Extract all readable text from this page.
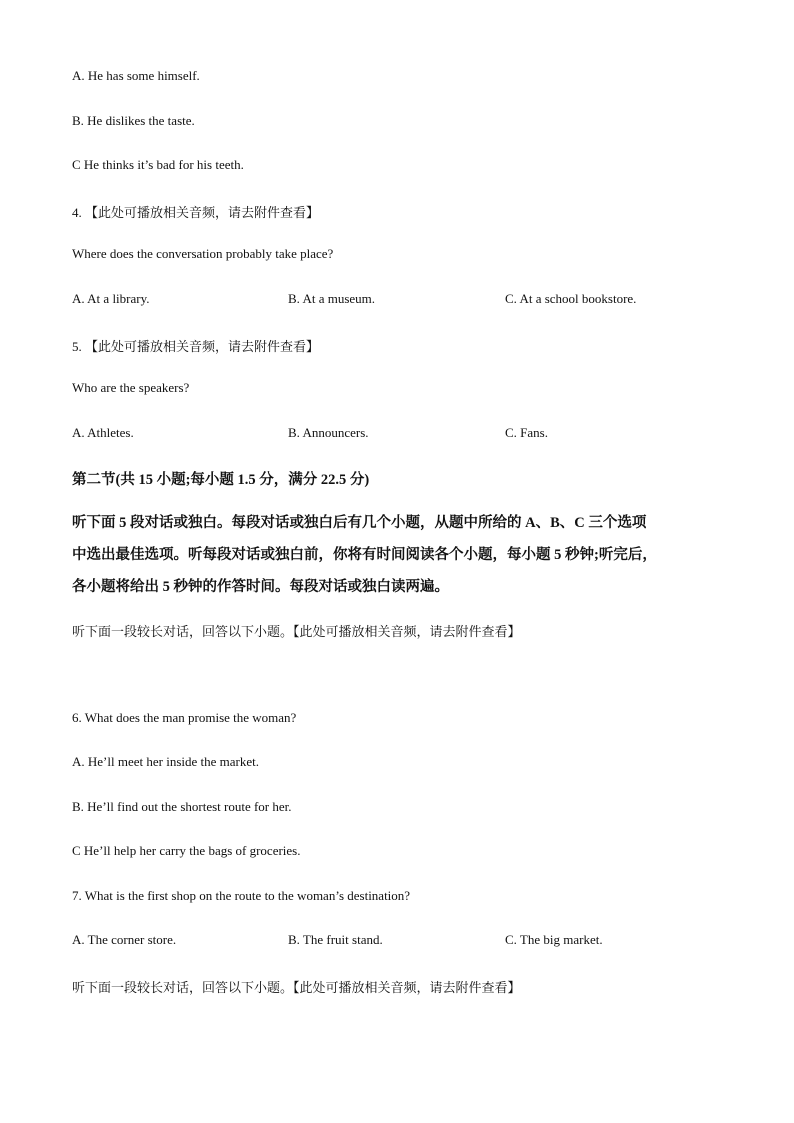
A. He has some himself.
B. He dislikes the taste.
C He thinks it’s bad for his teeth.
4. 【此处可播放相关音频，请去附件查看】
Where does the conversation probably take place?
A. At a library.	B. At a museum.	C. At a school bookstore.
5. 【此处可播放相关音频，请去附件查看】
Who are the speakers?
A. Athletes.	B. Announcers.	C. Fans.
第二节(共 15 小题;每小题 1.5 分，满分 22.5 分)
听下面 5 段对话或独白。每段对话或独白后有几个小题，从题中所给的 A、B、C 三个选项
中选出最佳选项。听每段对话或独白前，你将有时间阅读各个小题，每小题 5 秒钟;听完后，
各小题将给出 5 秒钟的作答时间。每段对话或独白读两遍。
听下面一段较长对话，回答以下小题。【此处可播放相关音频，请去附件查看】
6. What does the man promise the woman?
A. He’ll meet her inside the market.
B. He’ll find out the shortest route for her.
C He’ll help her carry the bags of groceries.
7. What is the first shop on the route to the woman’s destination?
A. The corner store.	B. The fruit stand.	C. The big market.
听下面一段较长对话，回答以下小题。【此处可播放相关音频，请去附件查看】
